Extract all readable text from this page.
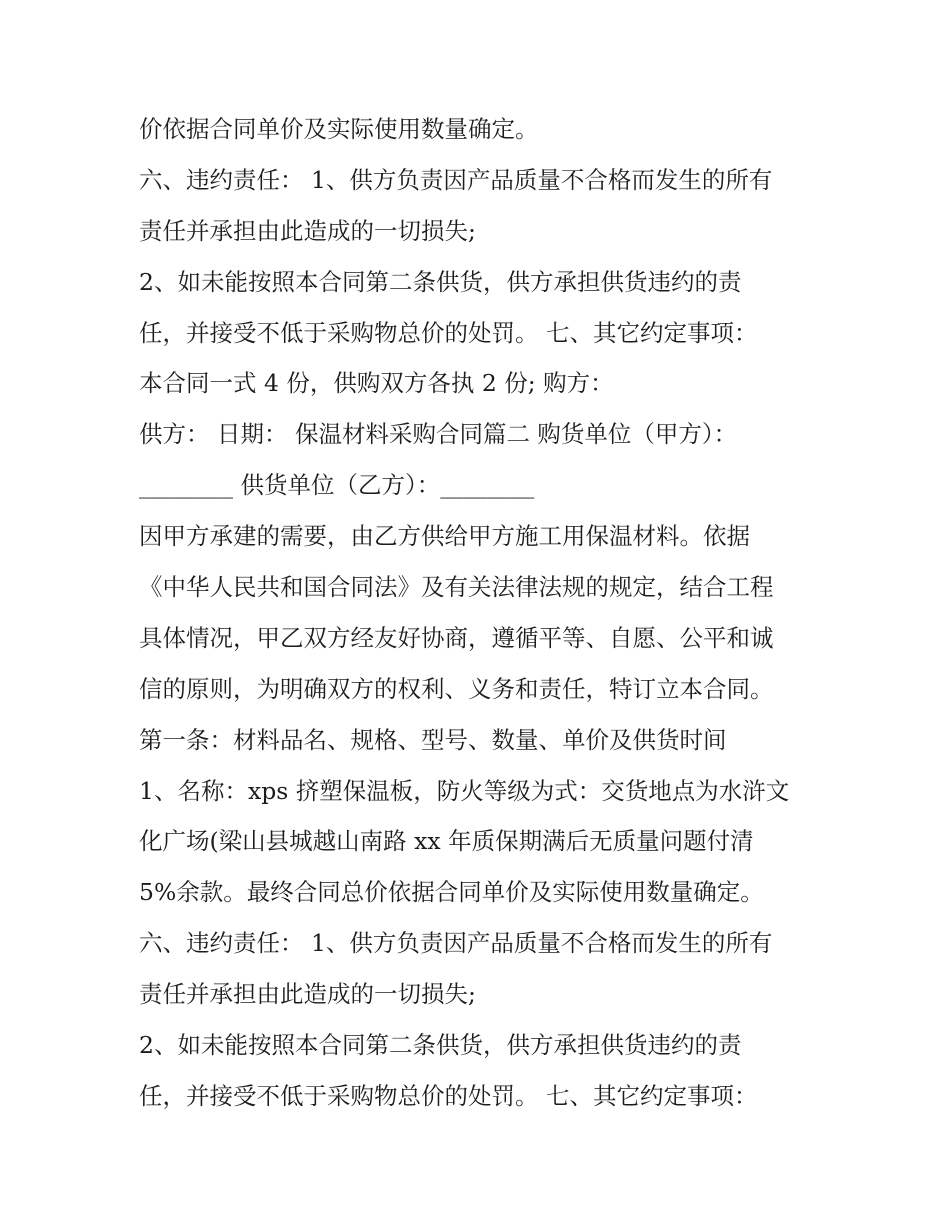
价依据合同单价及实际使用数量确定。
六、违约责任： 1、供方负责因产品质量不合格而发生的所有
责任并承担由此造成的一切损失;
2、如未能按照本合同第二条供货，供方承担供货违约的责
任，并接受不低于采购物总价的处罚。 七、其它约定事项：
本合同一式 4 份，供购双方各执 2 份; 购方：
供方： 日期： 保温材料采购合同篇二 购货单位（甲方）：
________ 供货单位（乙方）：________
因甲方承建的需要，由乙方供给甲方施工用保温材料。依据
《中华人民共和国合同法》及有关法律法规的规定，结合工程
具体情况，甲乙双方经友好协商，遵循平等、自愿、公平和诚
信的原则，为明确双方的权利、义务和责任，特订立本合同。
第一条：材料品名、规格、型号、数量、单价及供货时间
1、名称：xps 挤塑保温板，防火等级为式：交货地点为水浒文
化广场(梁山县城越山南路 xx 年质保期满后无质量问题付清
5%余款。最终合同总价依据合同单价及实际使用数量确定。
六、违约责任： 1、供方负责因产品质量不合格而发生的所有
责任并承担由此造成的一切损失;
2、如未能按照本合同第二条供货，供方承担供货违约的责
任，并接受不低于采购物总价的处罚。 七、其它约定事项：
